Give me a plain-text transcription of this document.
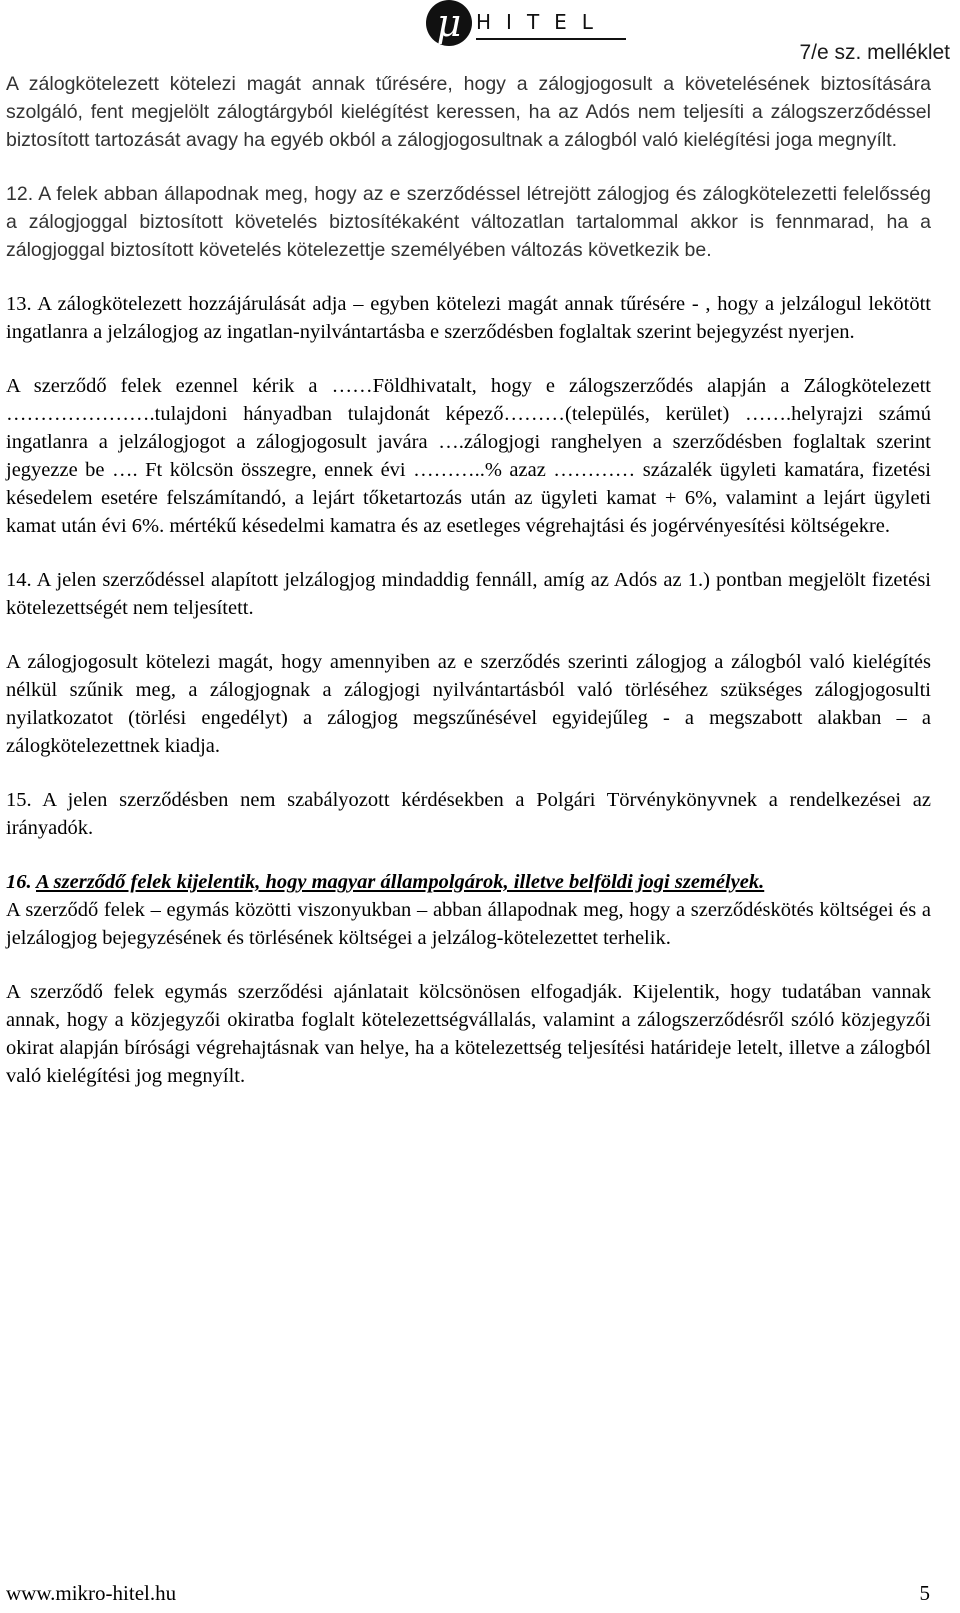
μ HITEL
7/e sz. melléklet

A zálogkötelezett kötelezi magát annak tűrésére, hogy a zálogjogosult a követelésének biztosítására szolgáló, fent megjelölt zálogtárgyból kielégítést keressen, ha az Adós nem teljesíti a zálogszerződéssel biztosított tartozását avagy ha egyéb okból a zálogjogosultnak a zálogból való kielégítési joga megnyílt.

12. A felek abban állapodnak meg, hogy az e szerződéssel létrejött zálogjog és zálogkötelezetti felelősség a zálogjoggal biztosított követelés biztosítékaként változatlan tartalommal akkor is fennmarad, ha a zálogjoggal biztosított követelés kötelezettje személyében változás következik be.

13. A zálogkötelezett hozzájárulását adja – egyben kötelezi magát annak tűrésére - , hogy a jelzálogul lekötött ingatlanra a jelzálogjog az ingatlan-nyilvántartásba e szerződésben foglaltak szerint bejegyzést nyerjen.

A szerződő felek ezennel kérik a ……Földhivatalt, hogy e zálogszerződés alapján a Zálogkötelezett ………………….tulajdoni hányadban tulajdonát képező………(település, kerület) …….helyrajzi számú ingatlanra a jelzálogjogot a zálogjogosult javára ….zálogjogi ranghelyen a szerződésben foglaltak szerint jegyezze be …. Ft kölcsön összegre, ennek évi ………..% azaz ………… százalék ügyleti kamatára, fizetési késedelem esetére felszámítandó, a lejárt tőketartozás után az ügyleti kamat + 6%, valamint a lejárt ügyleti kamat után évi 6%. mértékű késedelmi kamatra és az esetleges végrehajtási és jogérvényesítési költségekre.

14. A jelen szerződéssel alapított jelzálogjog mindaddig fennáll, amíg az Adós az 1.) pontban megjelölt fizetési kötelezettségét nem teljesített.

A zálogjogosult kötelezi magát, hogy amennyiben az e szerződés szerinti zálogjog a zálogból való kielégítés nélkül szűnik meg, a zálogjognak a zálogjogi nyilvántartásból való törléséhez szükséges zálogjogosulti nyilatkozatot (törlési engedélyt) a zálogjog megszűnésével egyidejűleg - a megszabott alakban – a zálogkötelezettnek kiadja.

15. A jelen szerződésben nem szabályozott kérdésekben a Polgári Törvénykönyvnek a rendelkezései az irányadók.

16. A szerződő felek kijelentik, hogy magyar állampolgárok, illetve belföldi jogi személyek.

A szerződő felek – egymás közötti viszonyukban – abban állapodnak meg, hogy a szerződéskötés költségei és a jelzálogjog bejegyzésének és törlésének költségei a jelzálog-kötelezettet terhelik.

A szerződő felek egymás szerződési ajánlatait kölcsönösen elfogadják. Kijelentik, hogy tudatában vannak annak, hogy a közjegyzői okiratba foglalt kötelezettségvállalás, valamint a zálogszerződésről szóló közjegyzői okirat alapján bírósági végrehajtásnak van helye, ha a kötelezettség teljesítési határideje letelt, illetve a zálogból való kielégítési jog megnyílt.

www.mikro-hitel.hu	5
